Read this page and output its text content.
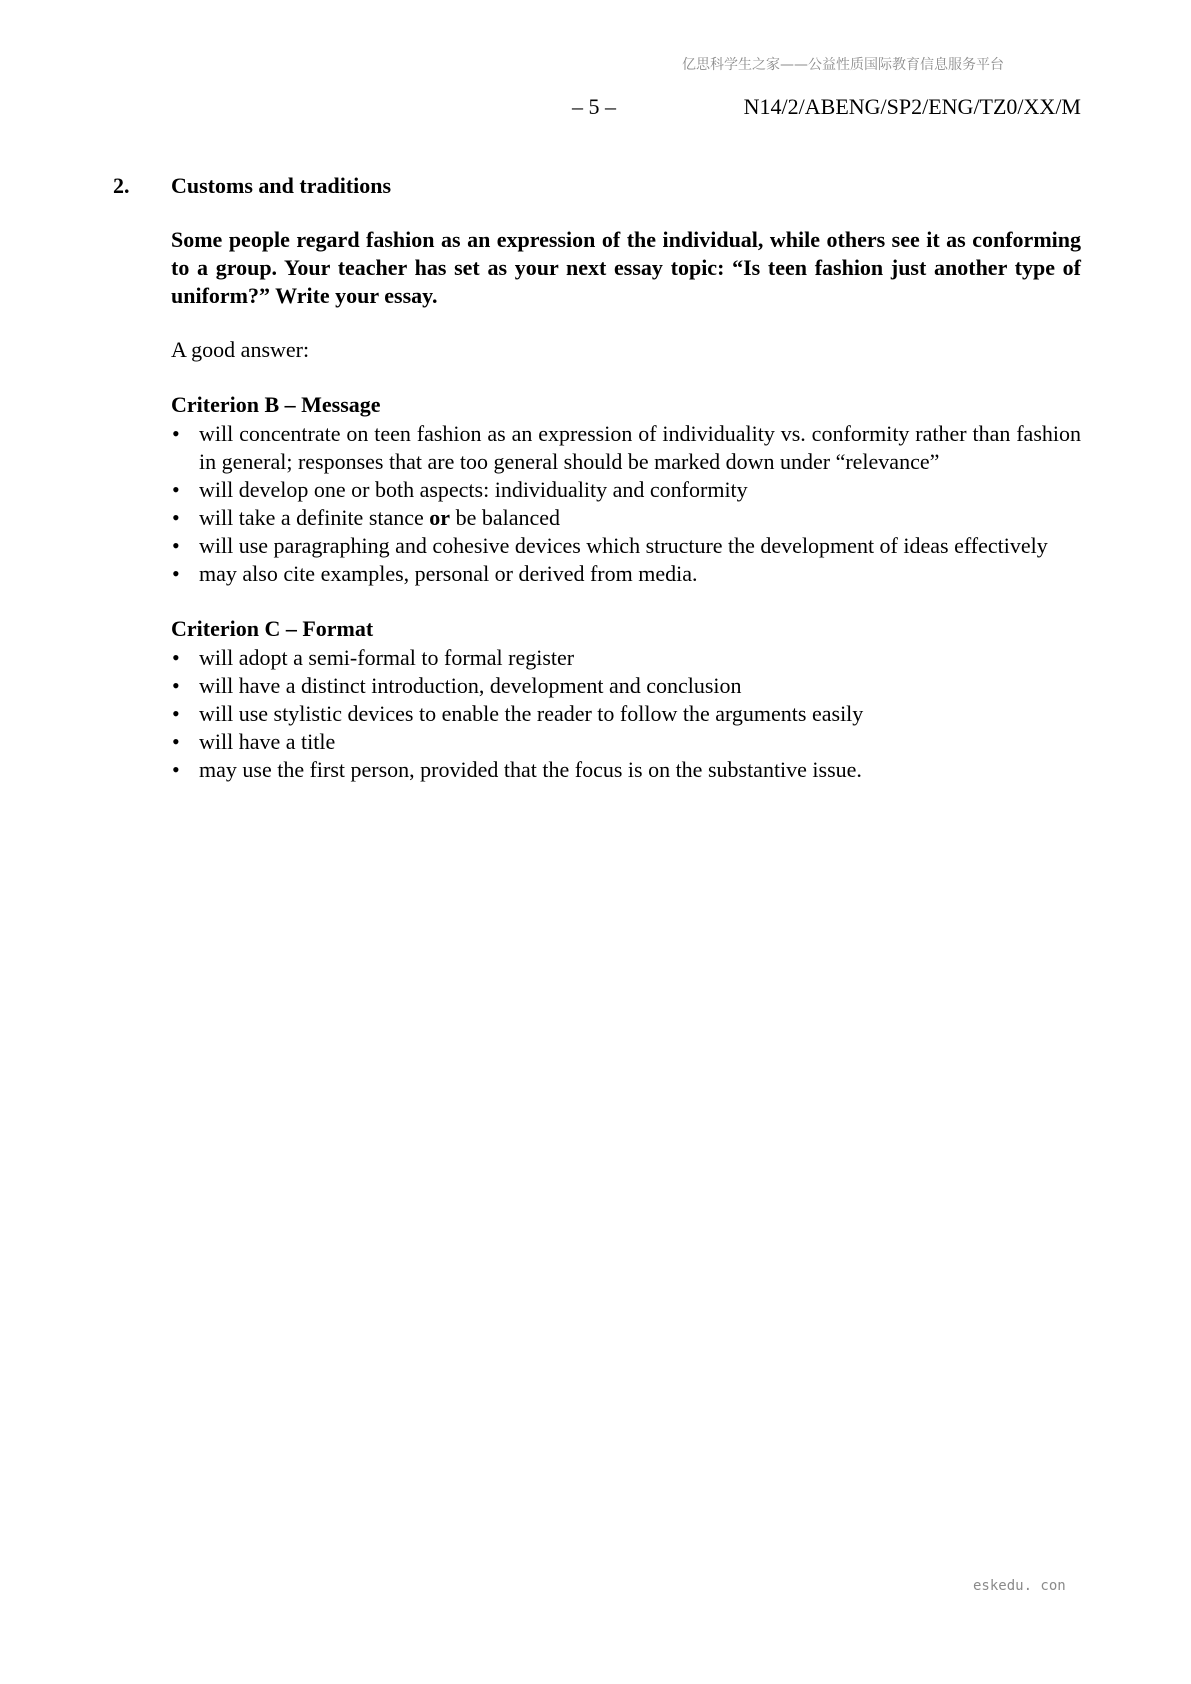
亿思科学生之家——公益性质国际教育信息服务平台
– 5 –	N14/2/ABENG/SP2/ENG/TZ0/XX/M
2.	Customs and traditions

Some people regard fashion as an expression of the individual, while others see it as conforming to a group. Your teacher has set as your next essay topic: “Is teen fashion just another type of uniform?” Write your essay.

A good answer:

Criterion B – Message

• will concentrate on teen fashion as an expression of individuality vs. conformity rather than fashion in general; responses that are too general should be marked down under “relevance”
• will develop one or both aspects: individuality and conformity
• will take a definite stance or be balanced
• will use paragraphing and cohesive devices which structure the development of ideas effectively
• may also cite examples, personal or derived from media.

Criterion C – Format

• will adopt a semi-formal to formal register
• will have a distinct introduction, development and conclusion
• will use stylistic devices to enable the reader to follow the arguments easily
• will have a title
• may use the first person, provided that the focus is on the substantive issue.
eskedu. con
